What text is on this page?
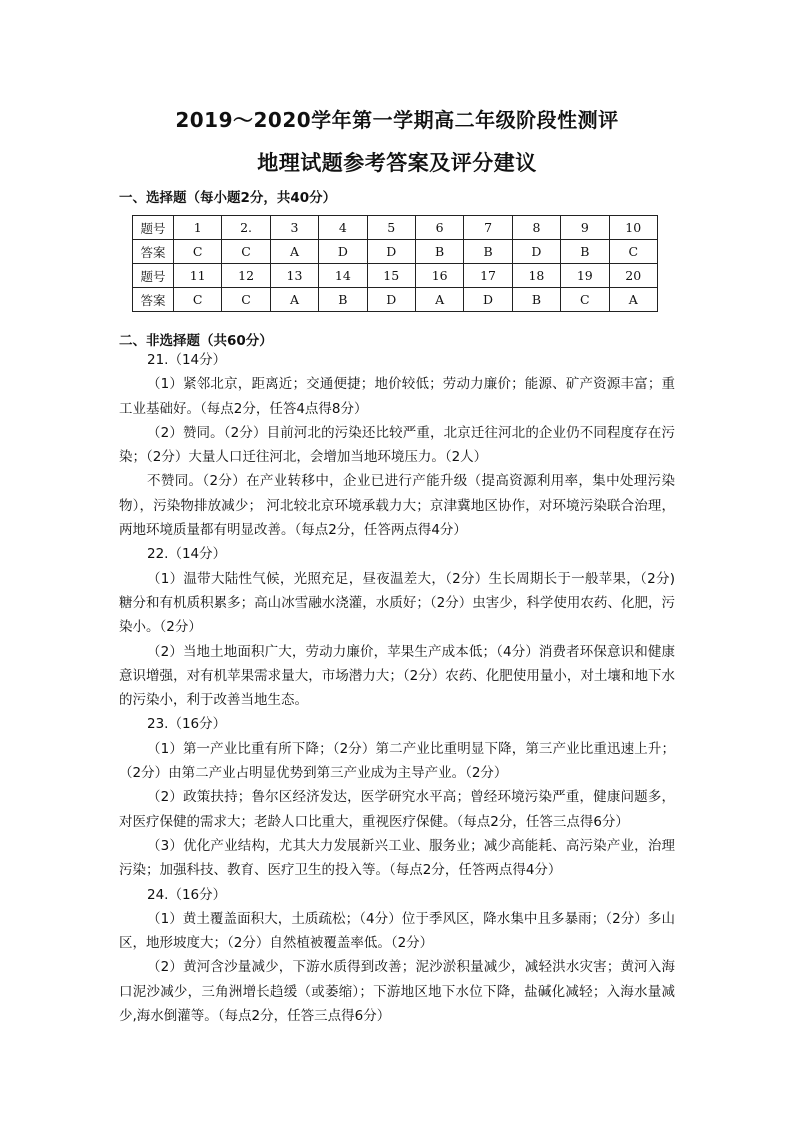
2019～2020学年第一学期高二年级阶段性测评
地理试题参考答案及评分建议
一、选择题（每小题2分，共40分）
题号	1	2.	3	4	5	6	7	8	9	10
答案	C	C	A	D	D	B	B	D	B	C
题号	11	12	13	14	15	16	17	18	19	20
答案	C	C	A	B	D	A	D	B	C	A
二、非选择题（共60分）

21.（14分）

（1）紧邻北京，距离近；交通便捷；地价较低；劳动力廉价；能源、矿产资源丰富；重工业基础好。（每点2分，任答4点得8分）

（2）赞同。（2分）目前河北的污染还比较严重，北京迁往河北的企业仍不同程度存在污染；（2分）大量人口迁往河北，会增加当地环境压力。（2人）

不赞同。（2分）在产业转移中，企业已进行产能升级（提高资源利用率，集中处理污染物），污染物排放减少； 河北较北京环境承载力大；京津冀地区协作，对环境污染联合治理，两地环境质量都有明显改善。（每点2分，任答两点得4分）

22.（14分）

（1）温带大陆性气候，光照充足，昼夜温差大，（2分）生长周期长于一般苹果，（2分)糖分和有机质积累多；高山冰雪融水浇灌，水质好；（2分）虫害少，科学使用农药、化肥，污染小。（2分）

（2）当地土地面积广大，劳动力廉价，苹果生产成本低；（4分）消费者环保意识和健康意识增强，对有机苹果需求量大，市场潜力大；（2分）农药、化肥使用量小，对土壤和地下水的污染小，利于改善当地生态。

23.（16分）

（1）第一产业比重有所下降；（2分）第二产业比重明显下降，第三产业比重迅速上升；（2分）由第二产业占明显优势到第三产业成为主导产业。（2分）

（2）政策扶持；鲁尔区经济发达，医学研究水平高；曾经环境污染严重，健康问题多，对医疗保健的需求大；老龄人口比重大，重视医疗保健。（每点2分，任答三点得6分）

（3）优化产业结构，尤其大力发展新兴工业、服务业；减少高能耗、高污染产业，治理污染；加强科技、教育、医疗卫生的投入等。（每点2分，任答两点得4分）

24.（16分）

（1）黄土覆盖面积大，土质疏松；（4分）位于季风区，降水集中且多暴雨；（2分）多山区，地形坡度大；（2分）自然植被覆盖率低。（2分）

（2）黄河含沙量减少，下游水质得到改善；泥沙淤积量减少，减轻洪水灾害；黄河入海口泥沙减少，三角洲增长趋缓（或萎缩）；下游地区地下水位下降，盐碱化减轻；入海水量减少,海水倒灌等。（每点2分，任答三点得6分）
